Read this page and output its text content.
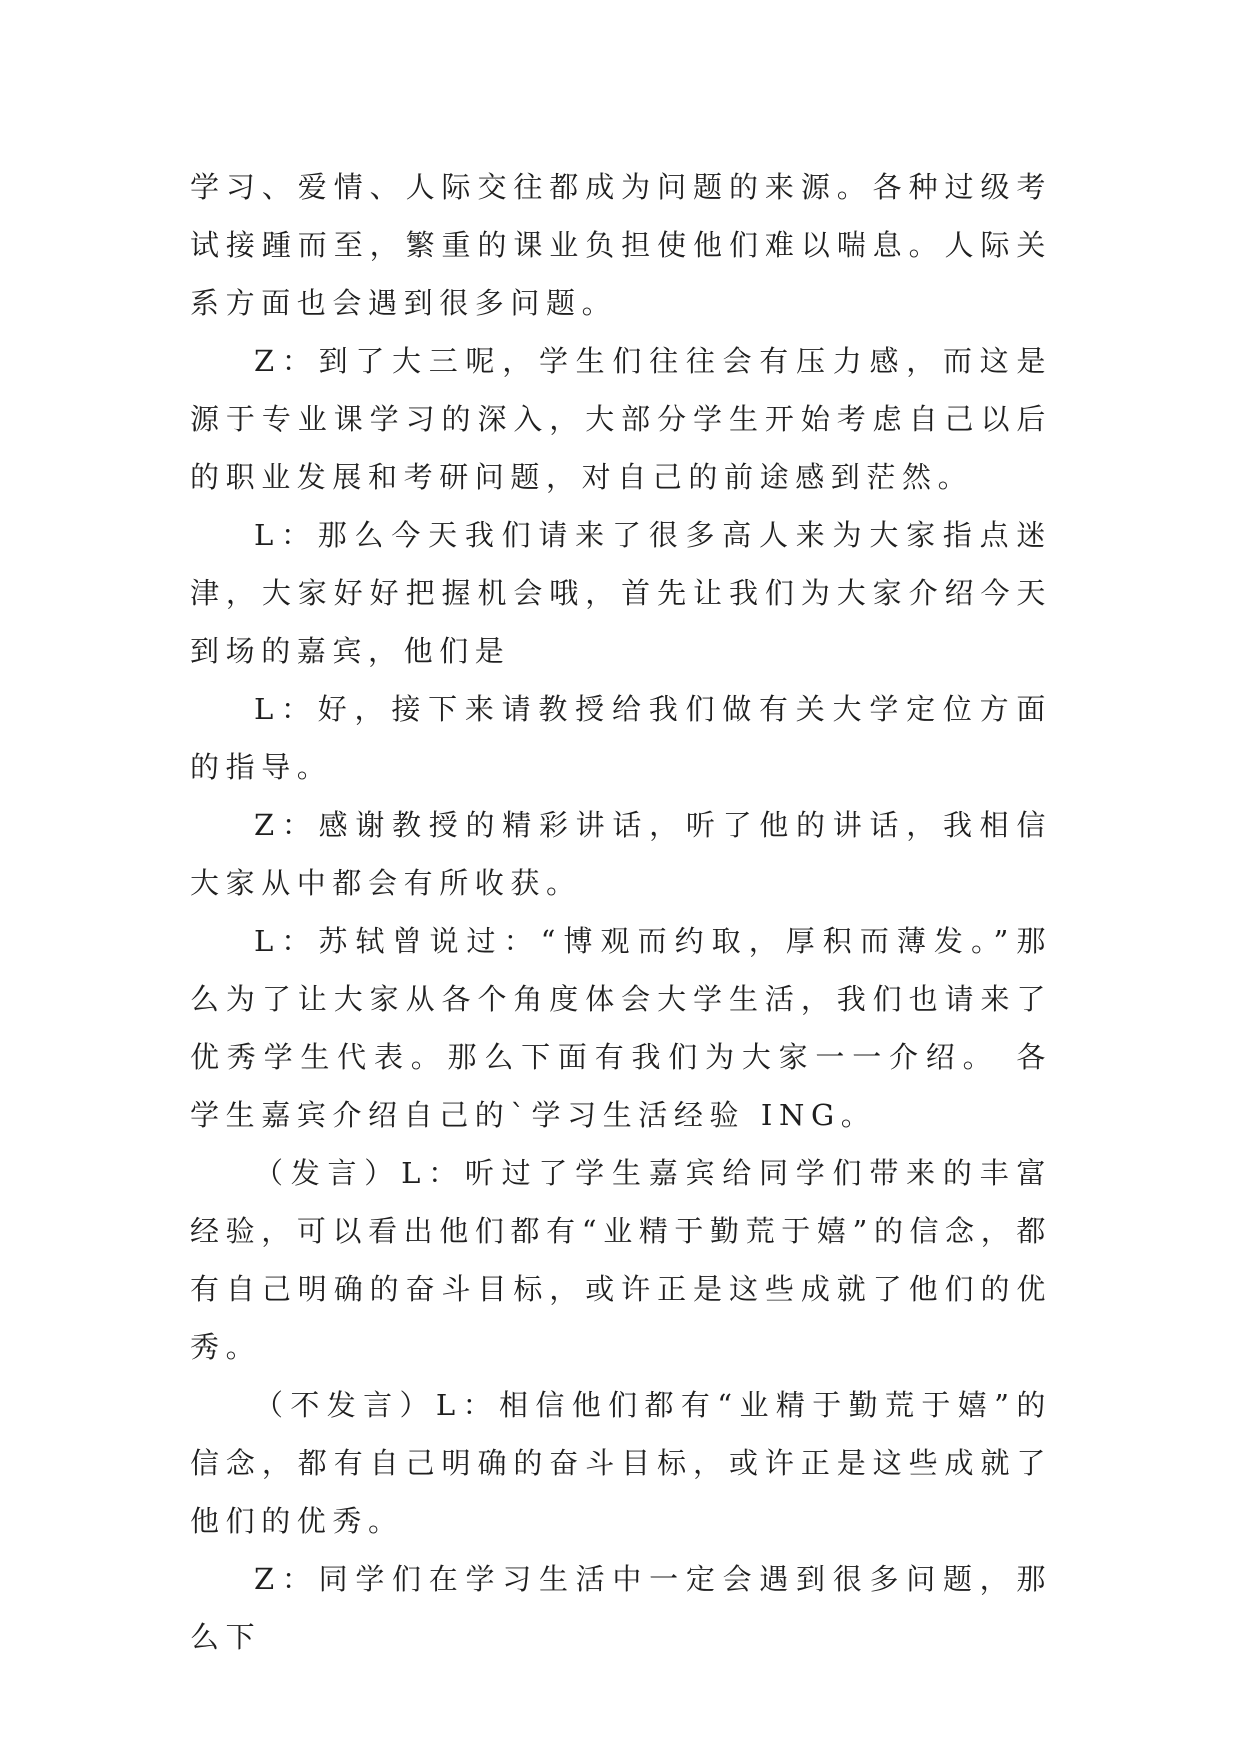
学习、爱情、人际交往都成为问题的来源。各种过级考试接踵而至，繁重的课业负担使他们难以喘息。人际关系方面也会遇到很多问题。

Z：到了大三呢，学生们往往会有压力感，而这是源于专业课学习的深入，大部分学生开始考虑自己以后的职业发展和考研问题，对自己的前途感到茫然。

L：那么今天我们请来了很多高人来为大家指点迷津，大家好好把握机会哦，首先让我们为大家介绍今天到场的嘉宾，他们是

L：好，接下来请教授给我们做有关大学定位方面的指导。

Z：感谢教授的精彩讲话，听了他的讲话，我相信大家从中都会有所收获。

L：苏轼曾说过：“博观而约取，厚积而薄发。”那么为了让大家从各个角度体会大学生活，我们也请来了优秀学生代表。那么下面有我们为大家一一介绍。 各学生嘉宾介绍自己的`学习生活经验 ING。

（发言）L：听过了学生嘉宾给同学们带来的丰富经验，可以看出他们都有“业精于勤荒于嬉”的信念，都有自己明确的奋斗目标，或许正是这些成就了他们的优秀。

（不发言）L：相信他们都有“业精于勤荒于嬉”的信念，都有自己明确的奋斗目标，或许正是这些成就了他们的优秀。

Z：同学们在学习生活中一定会遇到很多问题，那么下
